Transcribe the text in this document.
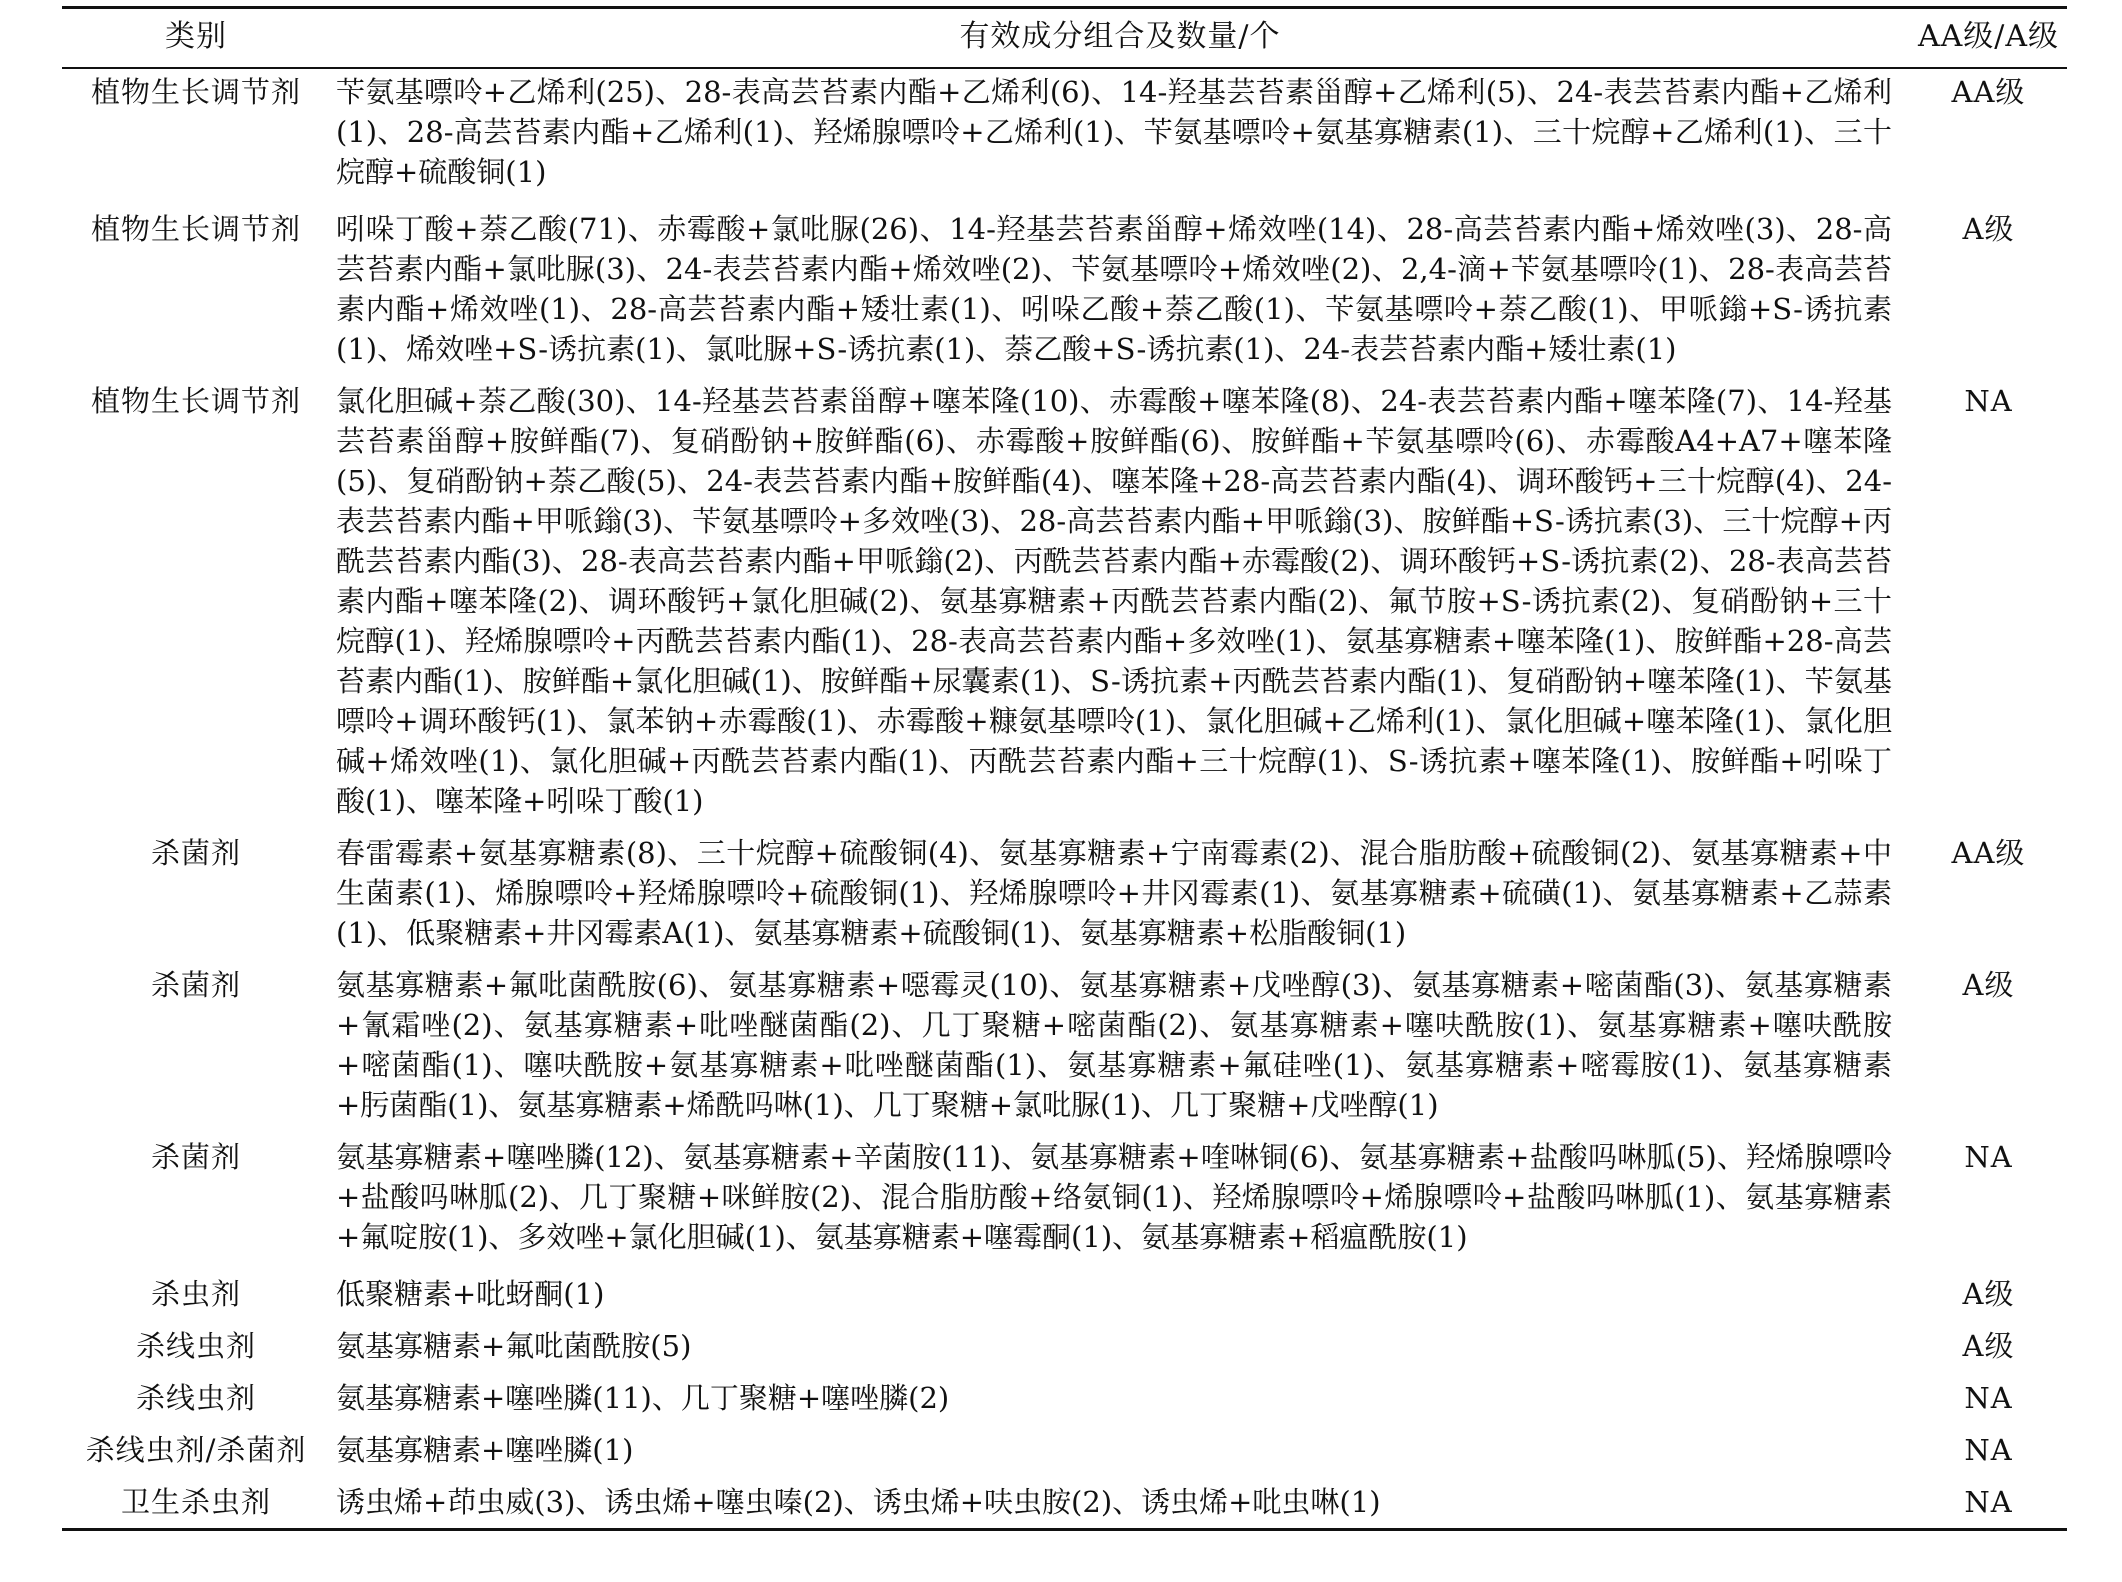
类别	有效成分组合及数量/个	AA级/A级
植物生长调节剂	苄氨基嘌呤+乙烯利(25)、28-表高芸苔素内酯+乙烯利(6)、14-羟基芸苔素甾醇+乙烯利(5)、24-表芸苔素内酯+乙烯利(1)、28-高芸苔素内酯+乙烯利(1)、羟烯腺嘌呤+乙烯利(1)、苄氨基嘌呤+氨基寡糖素(1)、三十烷醇+乙烯利(1)、三十烷醇+硫酸铜(1)	AA级
植物生长调节剂	吲哚丁酸+萘乙酸(71)、赤霉酸+氯吡脲(26)、14-羟基芸苔素甾醇+烯效唑(14)、28-高芸苔素内酯+烯效唑(3)、28-高芸苔素内酯+氯吡脲(3)、24-表芸苔素内酯+烯效唑(2)、苄氨基嘌呤+烯效唑(2)、2,4-滴+苄氨基嘌呤(1)、28-表高芸苔素内酯+烯效唑(1)、28-高芸苔素内酯+矮壮素(1)、吲哚乙酸+萘乙酸(1)、苄氨基嘌呤+萘乙酸(1)、甲哌鎓+S-诱抗素(1)、烯效唑+S-诱抗素(1)、氯吡脲+S-诱抗素(1)、萘乙酸+S-诱抗素(1)、24-表芸苔素内酯+矮壮素(1)	A级
植物生长调节剂	氯化胆碱+萘乙酸(30)、14-羟基芸苔素甾醇+噻苯隆(10)、赤霉酸+噻苯隆(8)、24-表芸苔素内酯+噻苯隆(7)、14-羟基芸苔素甾醇+胺鲜酯(7)、复硝酚钠+胺鲜酯(6)、赤霉酸+胺鲜酯(6)、胺鲜酯+苄氨基嘌呤(6)、赤霉酸A4+A7+噻苯隆(5)、复硝酚钠+萘乙酸(5)、24-表芸苔素内酯+胺鲜酯(4)、噻苯隆+28-高芸苔素内酯(4)、调环酸钙+三十烷醇(4)、24-表芸苔素内酯+甲哌鎓(3)、苄氨基嘌呤+多效唑(3)、28-高芸苔素内酯+甲哌鎓(3)、胺鲜酯+S-诱抗素(3)、三十烷醇+丙酰芸苔素内酯(3)、28-表高芸苔素内酯+甲哌鎓(2)、丙酰芸苔素内酯+赤霉酸(2)、调环酸钙+S-诱抗素(2)、28-表高芸苔素内酯+噻苯隆(2)、调环酸钙+氯化胆碱(2)、氨基寡糖素+丙酰芸苔素内酯(2)、氟节胺+S-诱抗素(2)、复硝酚钠+三十烷醇(1)、羟烯腺嘌呤+丙酰芸苔素内酯(1)、28-表高芸苔素内酯+多效唑(1)、氨基寡糖素+噻苯隆(1)、胺鲜酯+28-高芸苔素内酯(1)、胺鲜酯+氯化胆碱(1)、胺鲜酯+尿囊素(1)、S-诱抗素+丙酰芸苔素内酯(1)、复硝酚钠+噻苯隆(1)、苄氨基嘌呤+调环酸钙(1)、氯苯钠+赤霉酸(1)、赤霉酸+糠氨基嘌呤(1)、氯化胆碱+乙烯利(1)、氯化胆碱+噻苯隆(1)、氯化胆碱+烯效唑(1)、氯化胆碱+丙酰芸苔素内酯(1)、丙酰芸苔素内酯+三十烷醇(1)、S-诱抗素+噻苯隆(1)、胺鲜酯+吲哚丁酸(1)、噻苯隆+吲哚丁酸(1)	NA
杀菌剂	春雷霉素+氨基寡糖素(8)、三十烷醇+硫酸铜(4)、氨基寡糖素+宁南霉素(2)、混合脂肪酸+硫酸铜(2)、氨基寡糖素+中生菌素(1)、烯腺嘌呤+羟烯腺嘌呤+硫酸铜(1)、羟烯腺嘌呤+井冈霉素(1)、氨基寡糖素+硫磺(1)、氨基寡糖素+乙蒜素(1)、低聚糖素+井冈霉素A(1)、氨基寡糖素+硫酸铜(1)、氨基寡糖素+松脂酸铜(1)	AA级
杀菌剂	氨基寡糖素+氟吡菌酰胺(6)、氨基寡糖素+噁霉灵(10)、氨基寡糖素+戊唑醇(3)、氨基寡糖素+嘧菌酯(3)、氨基寡糖素+氰霜唑(2)、氨基寡糖素+吡唑醚菌酯(2)、几丁聚糖+嘧菌酯(2)、氨基寡糖素+噻呋酰胺(1)、氨基寡糖素+噻呋酰胺+嘧菌酯(1)、噻呋酰胺+氨基寡糖素+吡唑醚菌酯(1)、氨基寡糖素+氟硅唑(1)、氨基寡糖素+嘧霉胺(1)、氨基寡糖素+肟菌酯(1)、氨基寡糖素+烯酰吗啉(1)、几丁聚糖+氯吡脲(1)、几丁聚糖+戊唑醇(1)	A级
杀菌剂	氨基寡糖素+噻唑膦(12)、氨基寡糖素+辛菌胺(11)、氨基寡糖素+喹啉铜(6)、氨基寡糖素+盐酸吗啉胍(5)、羟烯腺嘌呤+盐酸吗啉胍(2)、几丁聚糖+咪鲜胺(2)、混合脂肪酸+络氨铜(1)、羟烯腺嘌呤+烯腺嘌呤+盐酸吗啉胍(1)、氨基寡糖素+氟啶胺(1)、多效唑+氯化胆碱(1)、氨基寡糖素+噻霉酮(1)、氨基寡糖素+稻瘟酰胺(1)	NA
杀虫剂	低聚糖素+吡蚜酮(1)	A级
杀线虫剂	氨基寡糖素+氟吡菌酰胺(5)	A级
杀线虫剂	氨基寡糖素+噻唑膦(11)、几丁聚糖+噻唑膦(2)	NA
杀线虫剂/杀菌剂	氨基寡糖素+噻唑膦(1)	NA
卫生杀虫剂	诱虫烯+茚虫威(3)、诱虫烯+噻虫嗪(2)、诱虫烯+呋虫胺(2)、诱虫烯+吡虫啉(1)	NA
